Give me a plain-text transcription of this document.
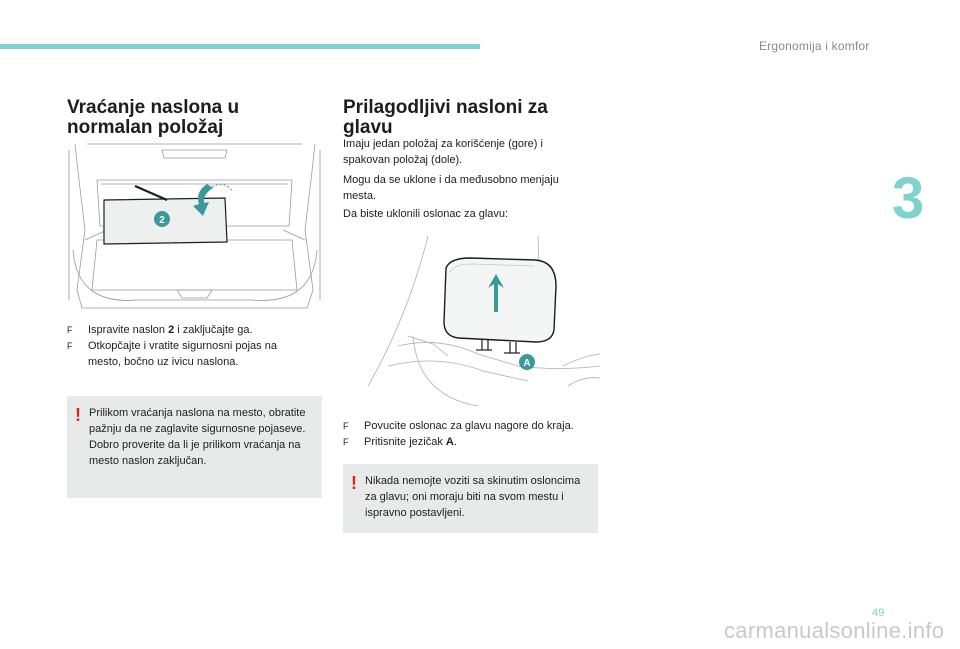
Ergonomija i komfor
3
Vraćanje naslona u normalan položaj
2
F Ispravite naslon 2 i zaključajte ga.
F Otkopčajte i vratite sigurnosni pojas na mesto, bočno uz ivicu naslona.
! Prilikom vraćanja naslona na mesto, obratite pažnju da ne zaglavite sigurnosne pojaseve.

Dobro proverite da li je prilikom vraćanja na mesto naslon zaključan.

Prilagodljivi nasloni za glavu

Imaju jedan položaj za korišćenje (gore) i spakovan položaj (dole).

Mogu da se uklone i da međusobno menjaju mesta.

Da biste uklonili oslonac za glavu:

A
F Povucite oslonac za glavu nagore do kraja.
F Pritisnite jezičak A.
! Nikada nemojte voziti sa skinutim osloncima za glavu; oni moraju biti na svom mestu i ispravno postavljeni.

49
carmanualsonline.info
